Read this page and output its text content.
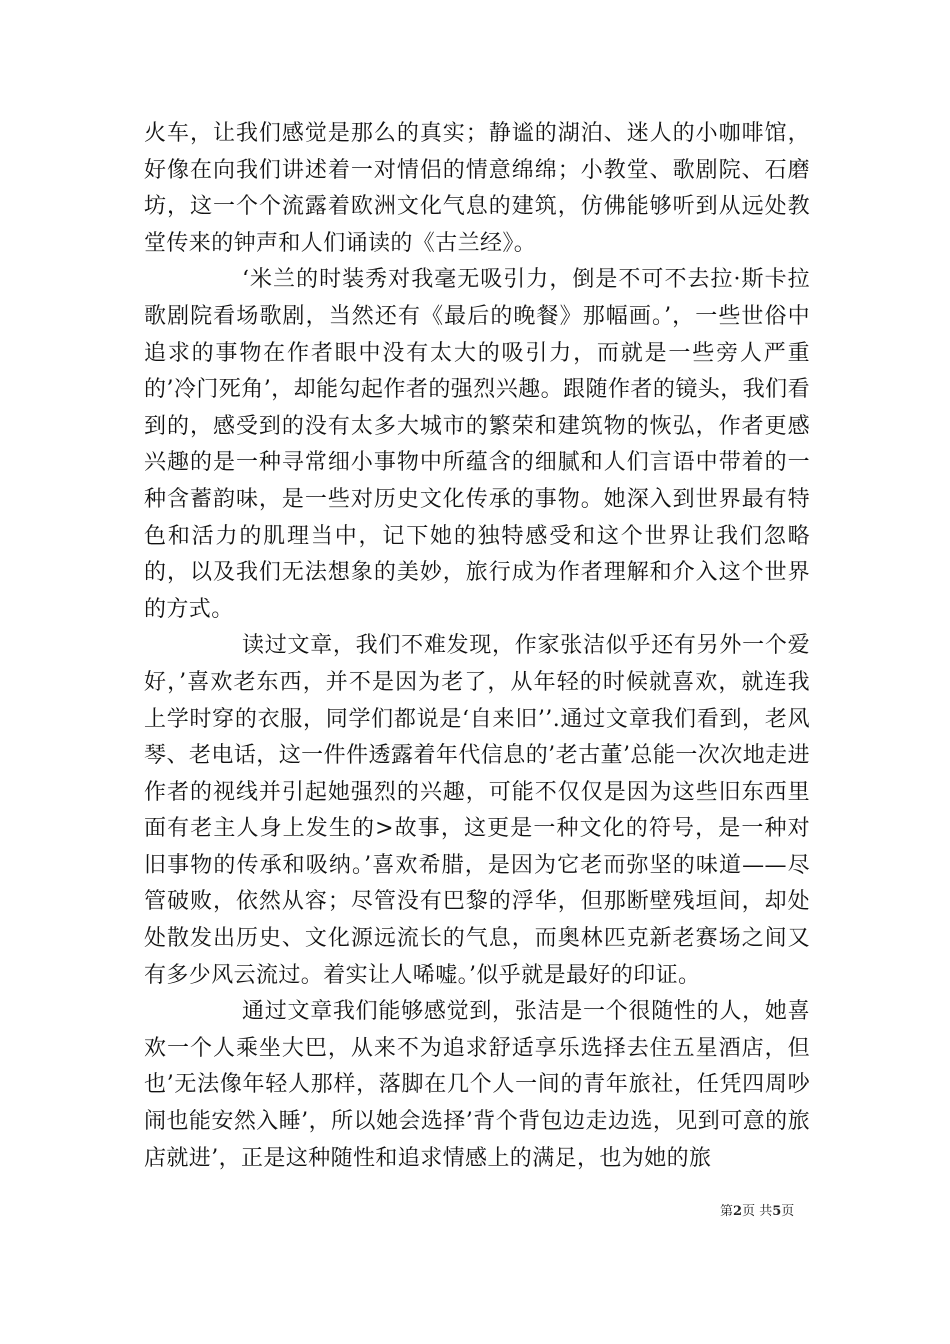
火车，让我们感觉是那么的真实；静谧的湖泊、迷人的小咖啡馆，好像在向我们讲述着一对情侣的情意绵绵；小教堂、歌剧院、石磨坊，这一个个流露着欧洲文化气息的建筑，仿佛能够听到从远处教堂传来的钟声和人们诵读的《古兰经》。

‘米兰的时装秀对我毫无吸引力，倒是不可不去拉·斯卡拉歌剧院看场歌剧，当然还有《最后的晚餐》那幅画。’，一些世俗中追求的事物在作者眼中没有太大的吸引力，而就是一些旁人严重的’冷门死角’，却能勾起作者的强烈兴趣。跟随作者的镜头，我们看到的，感受到的没有太多大城市的繁荣和建筑物的恢弘，作者更感兴趣的是一种寻常细小事物中所蕴含的细腻和人们言语中带着的一种含蓄韵味，是一些对历史文化传承的事物。她深入到世界最有特色和活力的肌理当中，记下她的独特感受和这个世界让我们忽略的，以及我们无法想象的美妙，旅行成为作者理解和介入这个世界的方式。

读过文章，我们不难发现，作家张洁似乎还有另外一个爱好，’喜欢老东西，并不是因为老了，从年轻的时候就喜欢，就连我上学时穿的衣服，同学们都说是‘自来旧’’.通过文章我们看到，老风琴、老电话，这一件件透露着年代信息的’老古董’总能一次次地走进作者的视线并引起她强烈的兴趣，可能不仅仅是因为这些旧东西里面有老主人身上发生的>故事，这更是一种文化的符号，是一种对旧事物的传承和吸纳。’喜欢希腊，是因为它老而弥坚的味道——尽管破败，依然从容；尽管没有巴黎的浮华，但那断壁残垣间，却处处散发出历史、文化源远流长的气息，而奥林匹克新老赛场之间又有多少风云流过。着实让人唏嘘。’似乎就是最好的印证。

通过文章我们能够感觉到，张洁是一个很随性的人，她喜欢一个人乘坐大巴，从来不为追求舒适享乐选择去住五星酒店，但也’无法像年轻人那样，落脚在几个人一间的青年旅社，任凭四周吵闹也能安然入睡’，所以她会选择’背个背包边走边选，见到可意的旅店就进’，正是这种随性和追求情感上的满足，也为她的旅

第2页 共5页
